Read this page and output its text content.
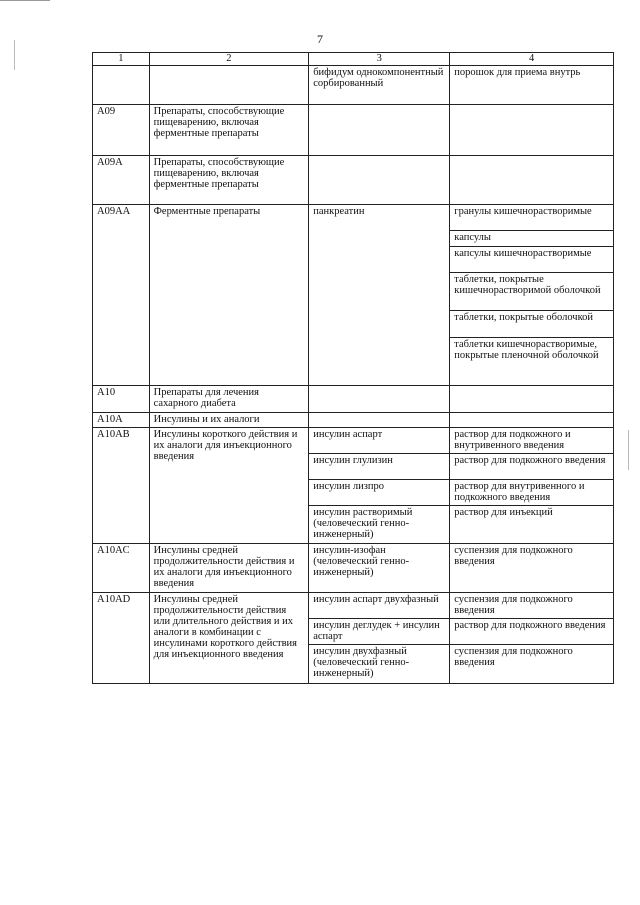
7
1	2	3	4
		бифидум однокомпонентный сорбированный	порошок для приема внутрь
A09	Препараты, способствующие пищеварению, включая ферментные препараты		
A09A	Препараты, способствующие пищеварению, включая ферментные препараты		
A09AA	Ферментные препараты	панкреатин	гранулы кишечнорастворимые
			капсулы
			капсулы кишечнорастворимые
			таблетки, покрытые кишечнорастворимой оболочкой
			таблетки, покрытые оболочкой
			таблетки кишечнорастворимые, покрытые пленочной оболочкой
A10	Препараты для лечения сахарного диабета		
A10A	Инсулины и их аналоги		
A10AB	Инсулины короткого действия и их аналоги для инъекционного введения	инсулин аспарт	раствор для подкожного и внутривенного введения
		инсулин глулизин	раствор для подкожного введения
		инсулин лизпро	раствор для внутривенного и подкожного введения
		инсулин растворимый (человеческий генно-инженерный)	раствор для инъекций
A10AC	Инсулины средней продолжительности действия и их аналоги для инъекционного введения	инсулин-изофан (человеческий генно-инженерный)	суспензия для подкожного введения
A10AD	Инсулины средней продолжительности действия или длительного действия и их аналоги в комбинации с инсулинами короткого действия для инъекционного введения	инсулин аспарт двухфазный	суспензия для подкожного введения
		инсулин деглудек + инсулин аспарт	раствор для подкожного введения
		инсулин двухфазный (человеческий генно-инженерный)	суспензия для подкожного введения
